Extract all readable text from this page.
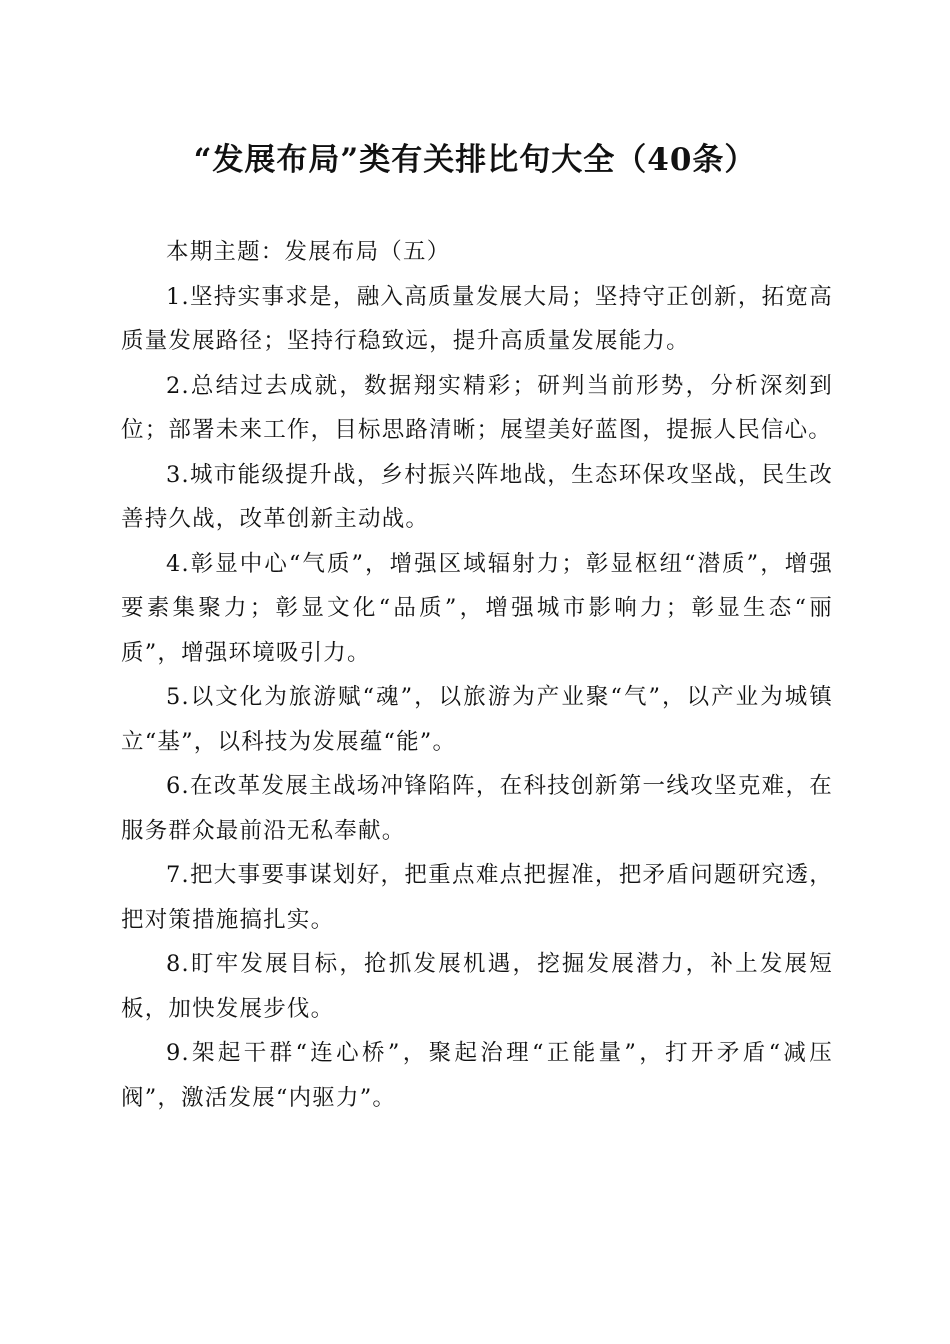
“发展布局”类有关排比句大全（40条）

本期主题：发展布局（五）

1.坚持实事求是，融入高质量发展大局；坚持守正创新，拓宽高质量发展路径；坚持行稳致远，提升高质量发展能力。

2.总结过去成就，数据翔实精彩；研判当前形势，分析深刻到位；部署未来工作，目标思路清晰；展望美好蓝图，提振人民信心。

3.城市能级提升战，乡村振兴阵地战，生态环保攻坚战，民生改善持久战，改革创新主动战。

4.彰显中心“气质”，增强区域辐射力；彰显枢纽“潜质”，增强要素集聚力；彰显文化“品质”，增强城市影响力；彰显生态“丽质”，增强环境吸引力。

5.以文化为旅游赋“魂”，以旅游为产业聚“气”，以产业为城镇立“基”，以科技为发展蕴“能”。

6.在改革发展主战场冲锋陷阵，在科技创新第一线攻坚克难，在服务群众最前沿无私奉献。

7.把大事要事谋划好，把重点难点把握准，把矛盾问题研究透，把对策措施搞扎实。

8.盯牢发展目标，抢抓发展机遇，挖掘发展潜力，补上发展短板，加快发展步伐。

9.架起干群“连心桥”，聚起治理“正能量”，打开矛盾“减压阀”，激活发展“内驱力”。
